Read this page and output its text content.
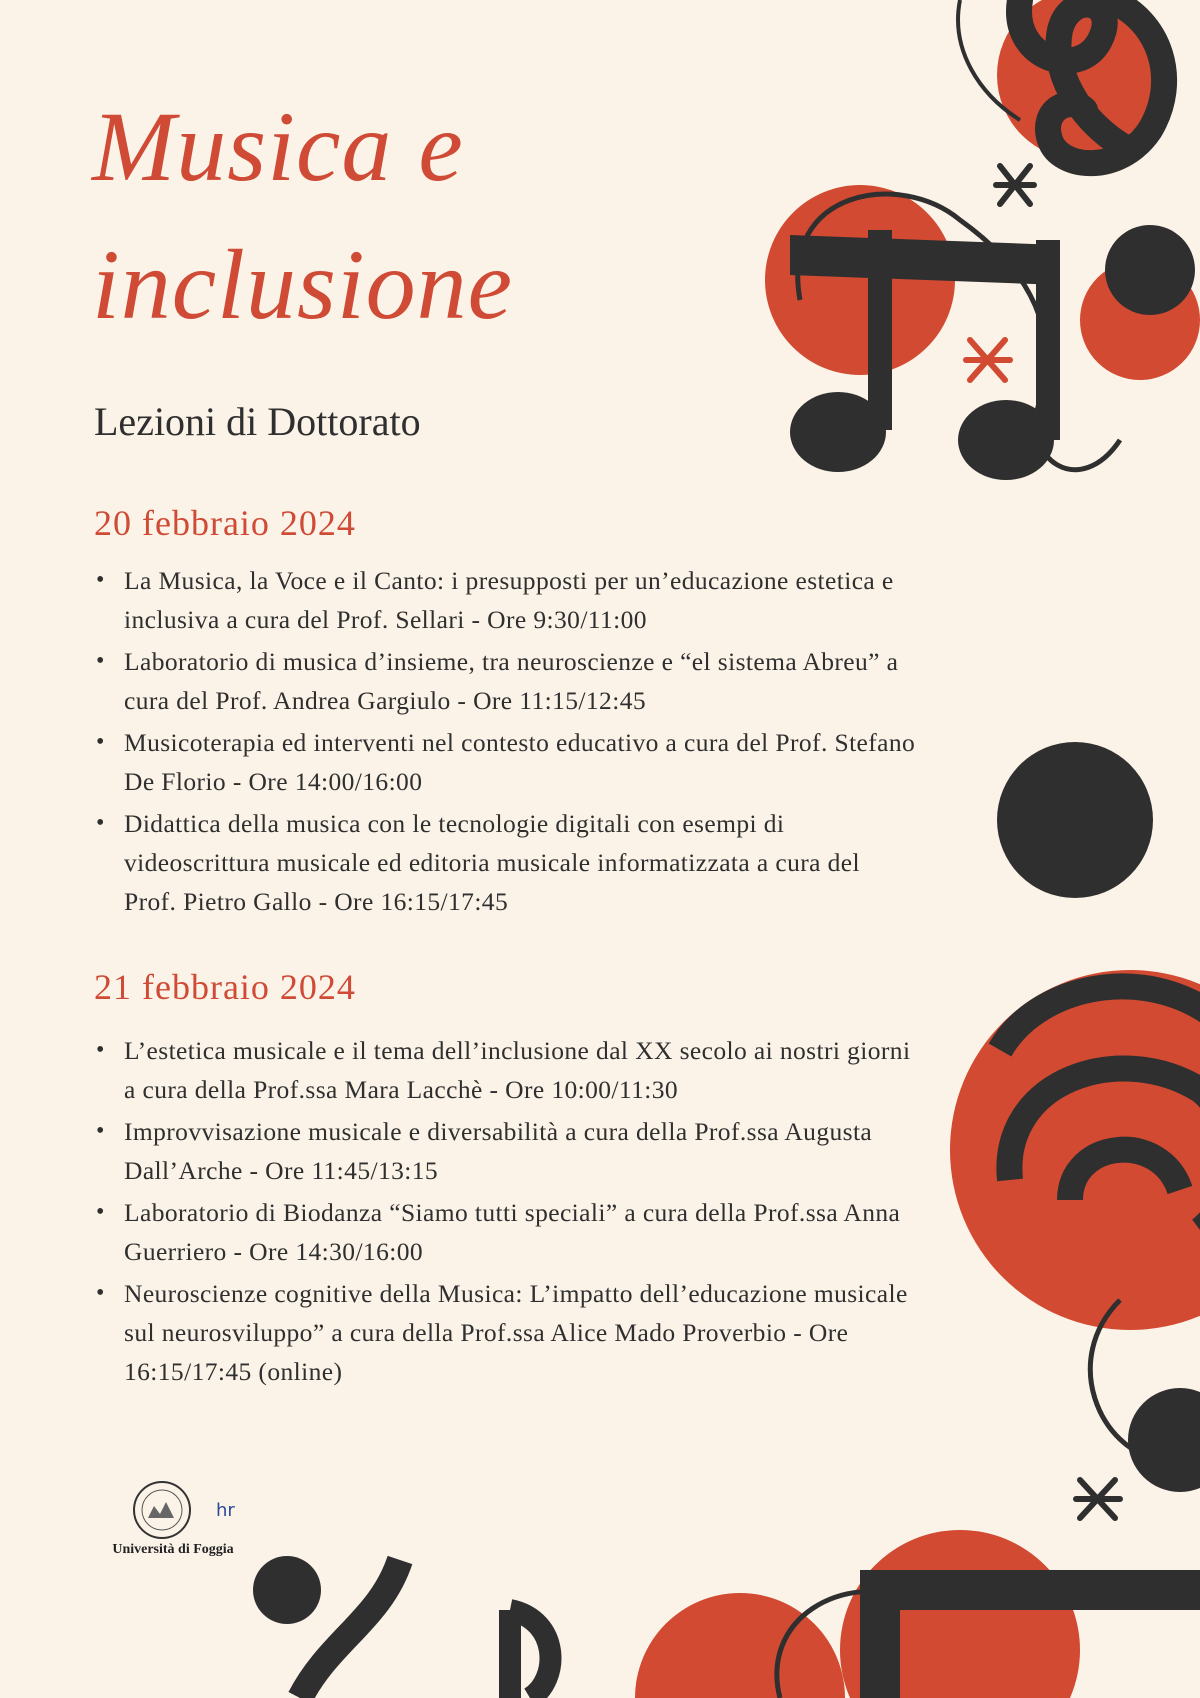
Musica e
inclusione
Lezioni di Dottorato
20 febbraio 2024
• La Musica, la Voce e il Canto: i presupposti per un’educazione estetica e inclusiva a cura del Prof. Sellari - Ore 9:30/11:00
• Laboratorio di musica d’insieme, tra neuroscienze e “el sistema Abreu” a cura del Prof. Andrea Gargiulo - Ore 11:15/12:45
• Musicoterapia ed interventi nel contesto educativo a cura del Prof. Stefano De Florio - Ore 14:00/16:00
• Didattica della musica con le tecnologie digitali con esempi di videoscrittura musicale ed editoria musicale informatizzata a cura del Prof. Pietro Gallo - Ore 16:15/17:45
21 febbraio 2024
• L’estetica musicale e il tema dell’inclusione dal XX secolo ai nostri giorni a cura della Prof.ssa Mara Lacchè - Ore 10:00/11:30
• Improvvisazione musicale e diversabilità a cura della Prof.ssa Augusta Dall’Arche - Ore 11:45/13:15
• Laboratorio di Biodanza “Siamo tutti speciali” a cura della Prof.ssa Anna Guerriero - Ore 14:30/16:00
• Neuroscienze cognitive della Musica: L’impatto dell’educazione musicale sul neurosviluppo” a cura della Prof.ssa Alice Mado Proverbio - Ore 16:15/17:45 (online)
hr
Università di Foggia
